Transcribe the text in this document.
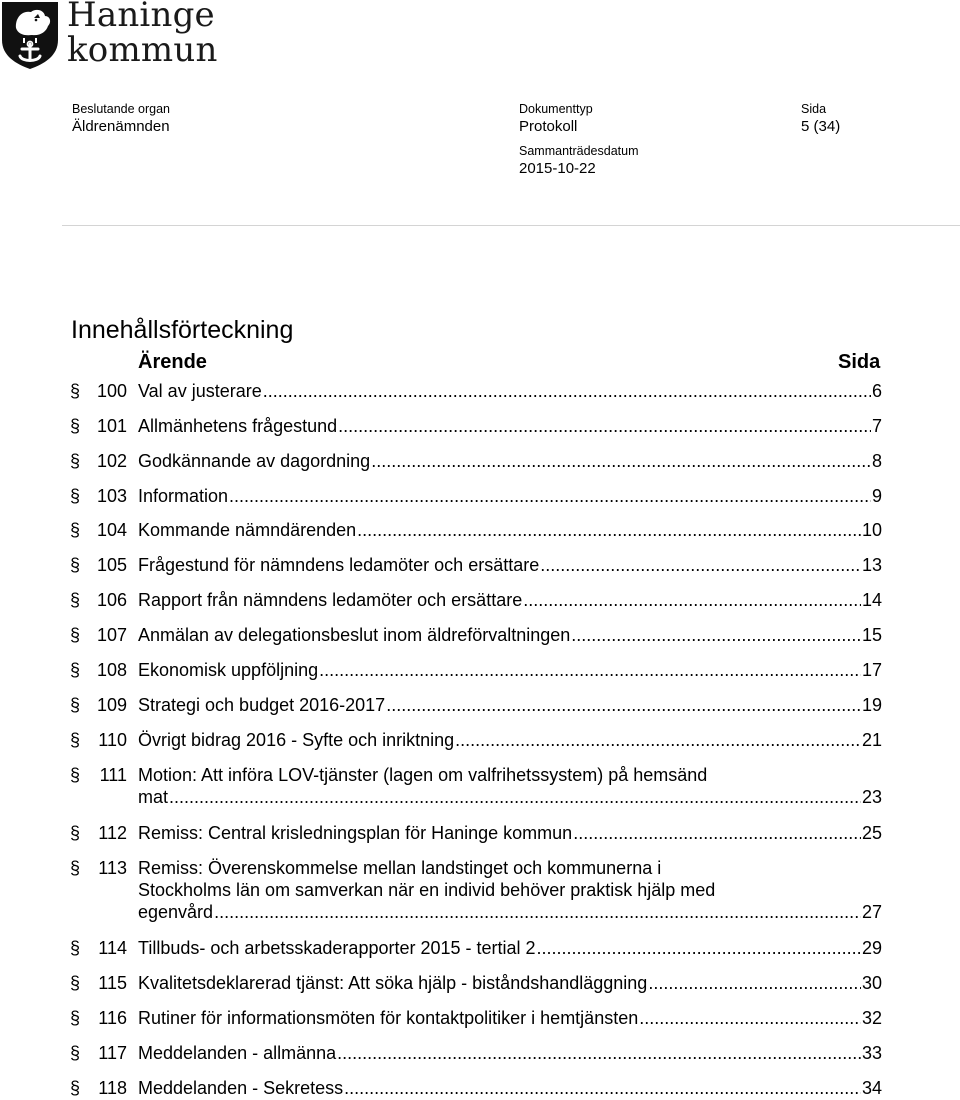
Haninge
kommun
Beslutande organ
Äldrenämnden
Dokumenttyp
Protokoll
Sida
5 (34)
Sammanträdesdatum
2015-10-22
Innehållsförteckning
Ärende	Sida
§ 100 Val av justerare .....	6
§ 101 Allmänhetens frågestund .....	7
§ 102 Godkännande av dagordning .....	8
§ 103 Information .....	9
§ 104 Kommande nämndärenden .....	10
§ 105 Frågestund för nämndens ledamöter och ersättare .....	13
§ 106 Rapport från nämndens ledamöter och ersättare .....	14
§ 107 Anmälan av delegationsbeslut inom äldreförvaltningen .....	15
§ 108 Ekonomisk uppföljning .....	17
§ 109 Strategi och budget 2016-2017 .....	19
§	110 Övrigt bidrag 2016 - Syfte och inriktning .....	21
§	111 Motion: Att införa LOV-tjänster (lagen om valfrihetssystem) på hemsänd
mat .....	23
§	112 Remiss: Central krisledningsplan för Haninge kommun .....	25
§	113 Remiss: Överenskommelse mellan landstinget och kommunerna i
Stockholms län om samverkan när en individ behöver praktisk hjälp med
egenvård .....	27
§	114 Tillbuds- och arbetsskaderapporter 2015 - tertial 2 .....	29
§	115 Kvalitetsdeklarerad tjänst: Att söka hjälp - biståndshandläggning .....	30
§	116 Rutiner för informationsmöten för kontaktpolitiker i hemtjänsten .....	32
§	117 Meddelanden - allmänna .....	33
§	118 Meddelanden - Sekretess .....	34
